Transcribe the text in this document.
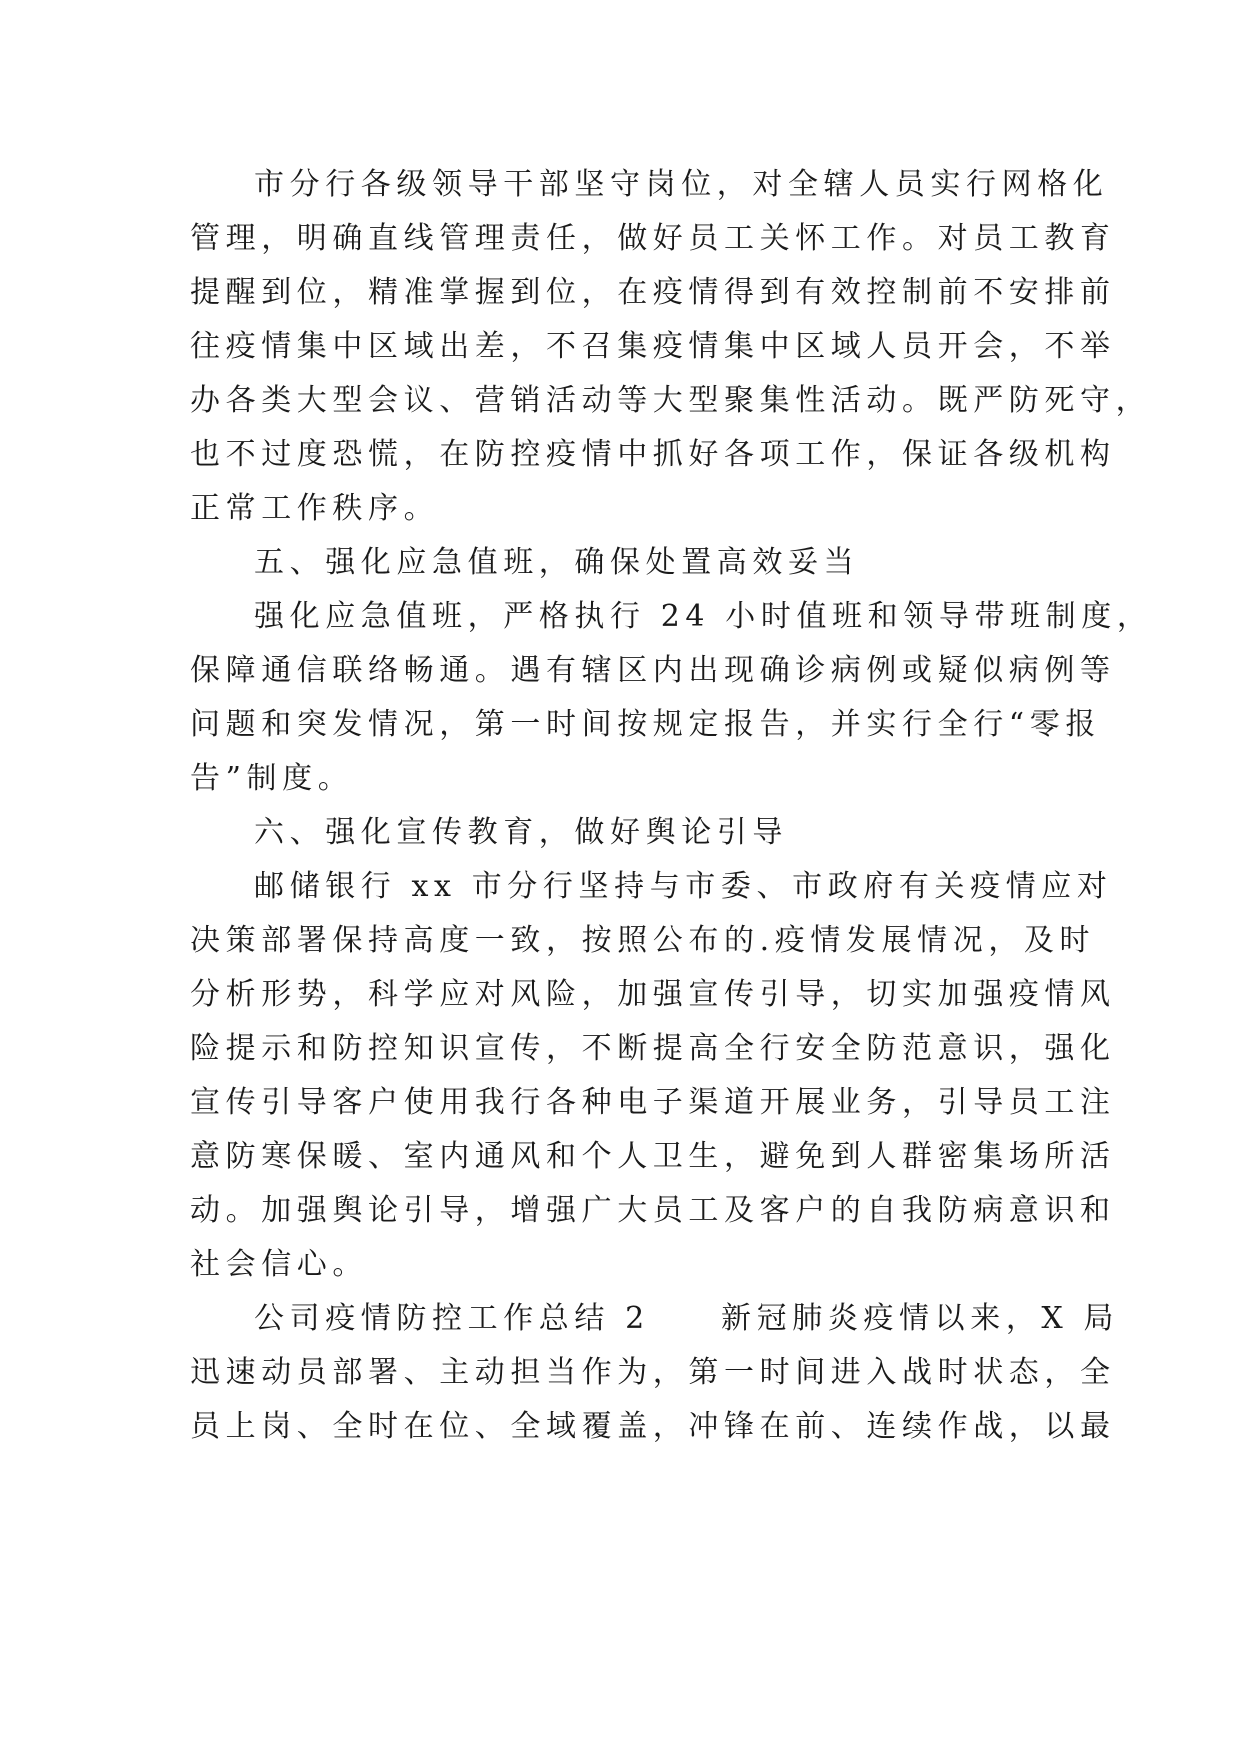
市分行各级领导干部坚守岗位，对全辖人员实行网格化
管理，明确直线管理责任，做好员工关怀工作。对员工教育
提醒到位，精准掌握到位，在疫情得到有效控制前不安排前
往疫情集中区域出差，不召集疫情集中区域人员开会，不举
办各类大型会议、营销活动等大型聚集性活动。既严防死守，
也不过度恐慌，在防控疫情中抓好各项工作，保证各级机构
正常工作秩序。
五、强化应急值班，确保处置高效妥当
强化应急值班，严格执行 24 小时值班和领导带班制度，
保障通信联络畅通。遇有辖区内出现确诊病例或疑似病例等
问题和突发情况，第一时间按规定报告，并实行全行“零报
告”制度。
六、强化宣传教育，做好舆论引导
邮储银行 xx 市分行坚持与市委、市政府有关疫情应对
决策部署保持高度一致，按照公布的.疫情发展情况，及时
分析形势，科学应对风险，加强宣传引导，切实加强疫情风
险提示和防控知识宣传，不断提高全行安全防范意识，强化
宣传引导客户使用我行各种电子渠道开展业务，引导员工注
意防寒保暖、室内通风和个人卫生，避免到人群密集场所活
动。加强舆论引导，增强广大员工及客户的自我防病意识和
社会信心。
公司疫情防控工作总结 2　　新冠肺炎疫情以来，X 局
迅速动员部署、主动担当作为，第一时间进入战时状态，全
员上岗、全时在位、全域覆盖，冲锋在前、连续作战，以最
